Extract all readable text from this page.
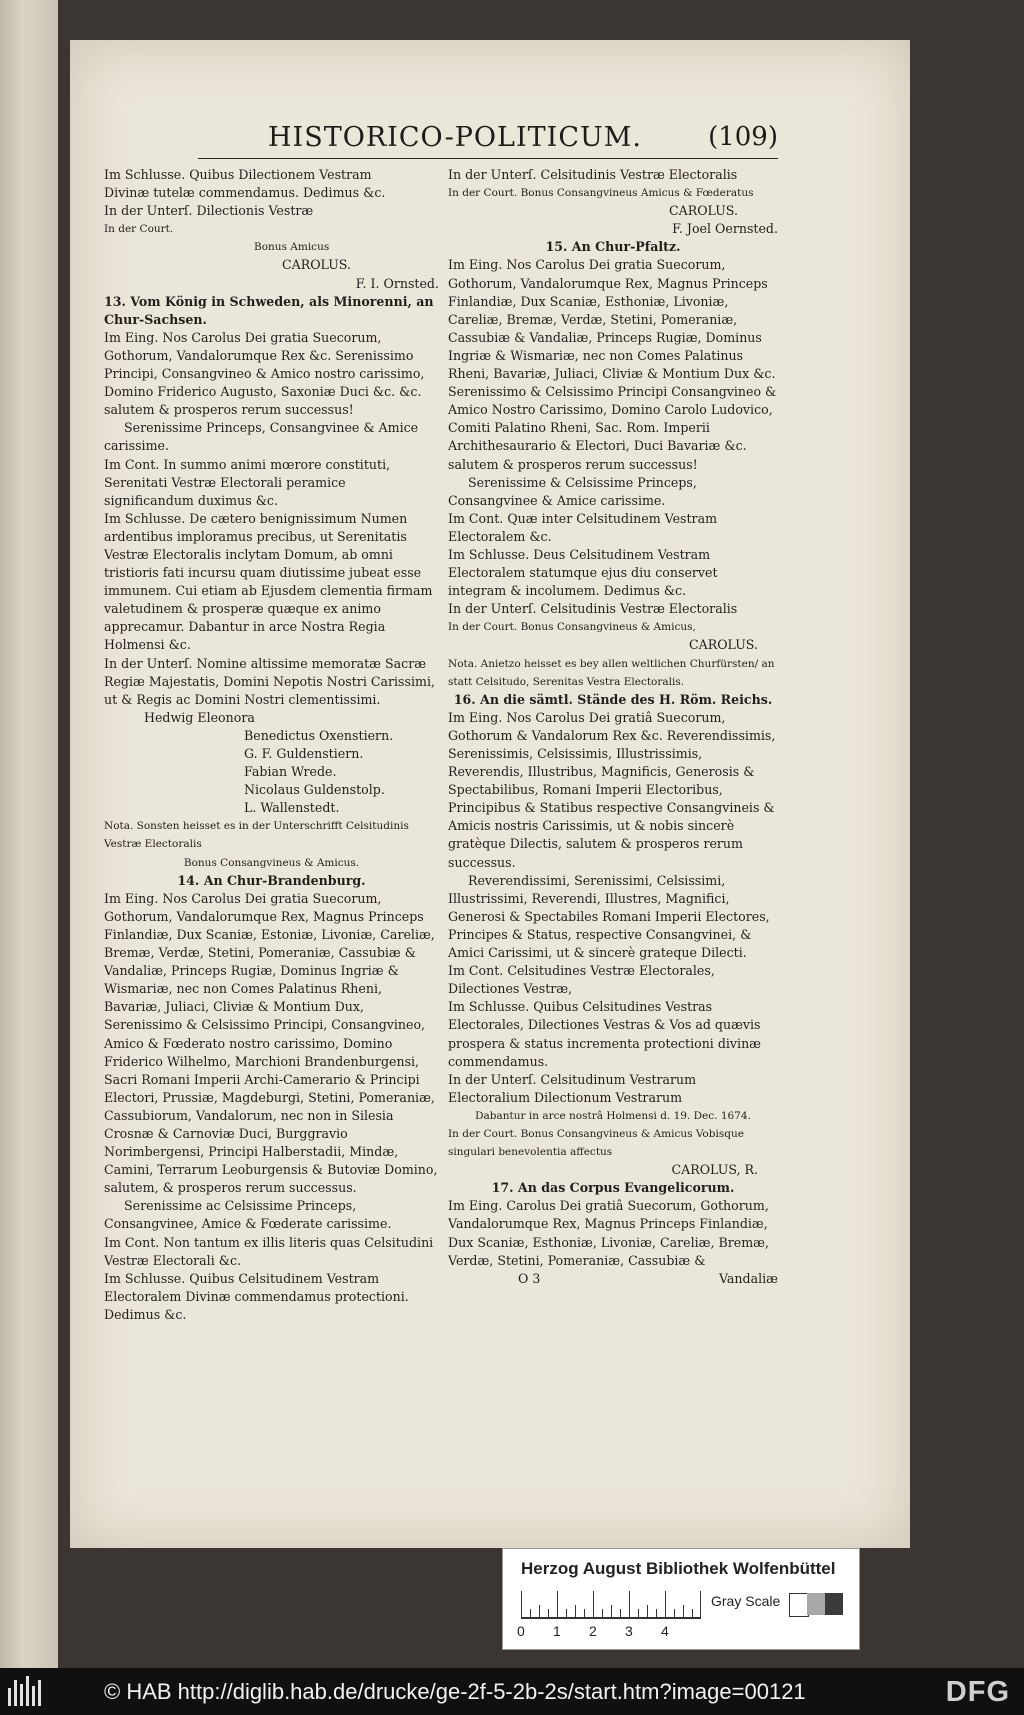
HISTORICO-POLITICUM.	(109)

Im Schlusse. Quibus Dilectionem Vestram

Divinæ tutelæ commendamus. Dedimus &c.

In der Unterſ. Dilectionis Vestræ

In der Court.

Bonus Amicus

CAROLUS.

F. I. Ornsted.

13. Vom König in Schweden, als Minorenni, an Chur-Sachsen.

Im Eing. Nos Carolus Dei gratia Suecorum, Gothorum, Vandalorumque Rex &c. Serenissimo Principi, Consangvineo & Amico nostro carissimo, Domino Friderico Augusto, Saxoniæ Duci &c. &c. salutem & prosperos rerum successus!

Serenissime Princeps, Consangvinee & Amice carissime.

Im Cont. In summo animi mœrore constituti, Serenitati Vestræ Electorali peramice significandum duximus &c.

Im Schlusse. De cætero benignissimum Numen ardentibus imploramus precibus, ut Serenitatis Vestræ Electoralis inclytam Domum, ab omni tristioris fati incursu quam diutissime jubeat esse immunem. Cui etiam ab Ejusdem clementia firmam valetudinem & prosperæ quæque ex animo apprecamur. Dabantur in arce Nostra Regia Holmensi &c.

In der Unterſ. Nomine altissime memoratæ Sacræ Regiæ Majestatis, Domini Nepotis Nostri Carissimi, ut & Regis ac Domini Nostri clementissimi.

Hedwig Eleonora

Benedictus Oxenstiern.

G. F. Guldenstiern.

Fabian Wrede.

Nicolaus Guldenstolp.

L. Wallenstedt.

Nota. Sonsten heisset es in der Unterschrifft Celsitudinis Vestræ Electoralis

Bonus Consangvineus & Amicus.

14. An Chur-Brandenburg.

Im Eing. Nos Carolus Dei gratia Suecorum, Gothorum, Vandalorumque Rex, Magnus Princeps Finlandiæ, Dux Scaniæ, Estoniæ, Livoniæ, Careliæ, Bremæ, Verdæ, Stetini, Pomeraniæ, Cassubiæ & Vandaliæ, Princeps Rugiæ, Dominus Ingriæ & Wismariæ, nec non Comes Palatinus Rheni, Bavariæ, Juliaci, Cliviæ & Montium Dux, Serenissimo & Celsissimo Principi, Consangvineo, Amico & Fœderato nostro carissimo, Domino Friderico Wilhelmo, Marchioni Brandenburgensi, Sacri Romani Imperii Archi-Camerario & Principi Electori, Prussiæ, Magdeburgi, Stetini, Pomeraniæ, Cassubiorum, Vandalorum, nec non in Silesia Crosnæ & Carnoviæ Duci, Burggravio Norimbergensi, Principi Halberstadii, Mindæ, Camini, Terrarum Leoburgensis & Butoviæ Domino, salutem, & prosperos rerum successus.

Serenissime ac Celsissime Princeps, Consangvinee, Amice & Fœderate carissime.

Im Cont. Non tantum ex illis literis quas Celsitudini Vestræ Electorali &c.

Im Schlusse. Quibus Celsitudinem Vestram Electoralem Divinæ commendamus protectioni. Dedimus &c.

In der Unterſ. Celsitudinis Vestræ Electoralis

In der Court. Bonus Consangvineus Amicus & Fœderatus

CAROLUS.

F. Joel Oernsted.

15. An Chur-Pfaltz.

Im Eing. Nos Carolus Dei gratia Suecorum, Gothorum, Vandalorumque Rex, Magnus Princeps Finlandiæ, Dux Scaniæ, Esthoniæ, Livoniæ, Careliæ, Bremæ, Verdæ, Stetini, Pomeraniæ, Cassubiæ & Vandaliæ, Princeps Rugiæ, Dominus Ingriæ & Wismariæ, nec non Comes Palatinus Rheni, Bavariæ, Juliaci, Cliviæ & Montium Dux &c. Serenissimo & Celsissimo Principi Consangvineo & Amico Nostro Carissimo, Domino Carolo Ludovico, Comiti Palatino Rheni, Sac. Rom. Imperii Archithesaurario & Electori, Duci Bavariæ &c. salutem & prosperos rerum successus!

Serenissime & Celsissime Princeps, Consangvinee & Amice carissime.

Im Cont. Quæ inter Celsitudinem Vestram Electoralem &c.

Im Schlusse. Deus Celsitudinem Vestram Electoralem statumque ejus diu conservet integram & incolumem. Dedimus &c.

In der Unterſ. Celsitudinis Vestræ Electoralis

In der Court. Bonus Consangvineus & Amicus,

CAROLUS.

Nota. Anietzo heisset es bey allen weltlichen Churfürsten/ an statt Celsitudo, Serenitas Vestra Electoralis.

16. An die sämtl. Stände des H. Röm. Reichs.

Im Eing. Nos Carolus Dei gratiâ Suecorum, Gothorum & Vandalorum Rex &c. Reverendissimis, Serenissimis, Celsissimis, Illustrissimis, Reverendis, Illustribus, Magnificis, Generosis & Spectabilibus, Romani Imperii Electoribus, Principibus & Statibus respective Consangvineis & Amicis nostris Carissimis, ut & nobis sincerè gratèque Dilectis, salutem & prosperos rerum successus.

Reverendissimi, Serenissimi, Celsissimi, Illustrissimi, Reverendi, Illustres, Magnifici, Generosi & Spectabiles Romani Imperii Electores, Principes & Status, respective Consangvinei, & Amici Carissimi, ut & sincerè grateque Dilecti.

Im Cont. Celsitudines Vestræ Electorales, Dilectiones Vestræ,

Im Schlusse. Quibus Celsitudines Vestras Electorales, Dilectiones Vestras & Vos ad quævis prospera & status incrementa protectioni divinæ commendamus.

In der Unterſ. Celsitudinum Vestrarum Electoralium Dilectionum Vestrarum

Dabantur in arce nostrâ Holmensi d. 19. Dec. 1674.

In der Court. Bonus Consangvineus & Amicus Vobisque singulari benevolentia affectus

CAROLUS, R.

17. An das Corpus Evangelicorum.

Im Eing. Carolus Dei gratiâ Suecorum, Gothorum, Vandalorumque Rex, Magnus Princeps Finlandiæ, Dux Scaniæ, Esthoniæ, Livoniæ, Careliæ, Bremæ, Verdæ, Stetini, Pomeraniæ, Cassubiæ &

O 3	Vandaliæ

Herzog August Bibliothek Wolfenbüttel
0 1 2 3 4
Gray Scale
© HAB http://diglib.hab.de/drucke/ge-2f-5-2b-2s/start.htm?image=00121	DFG
